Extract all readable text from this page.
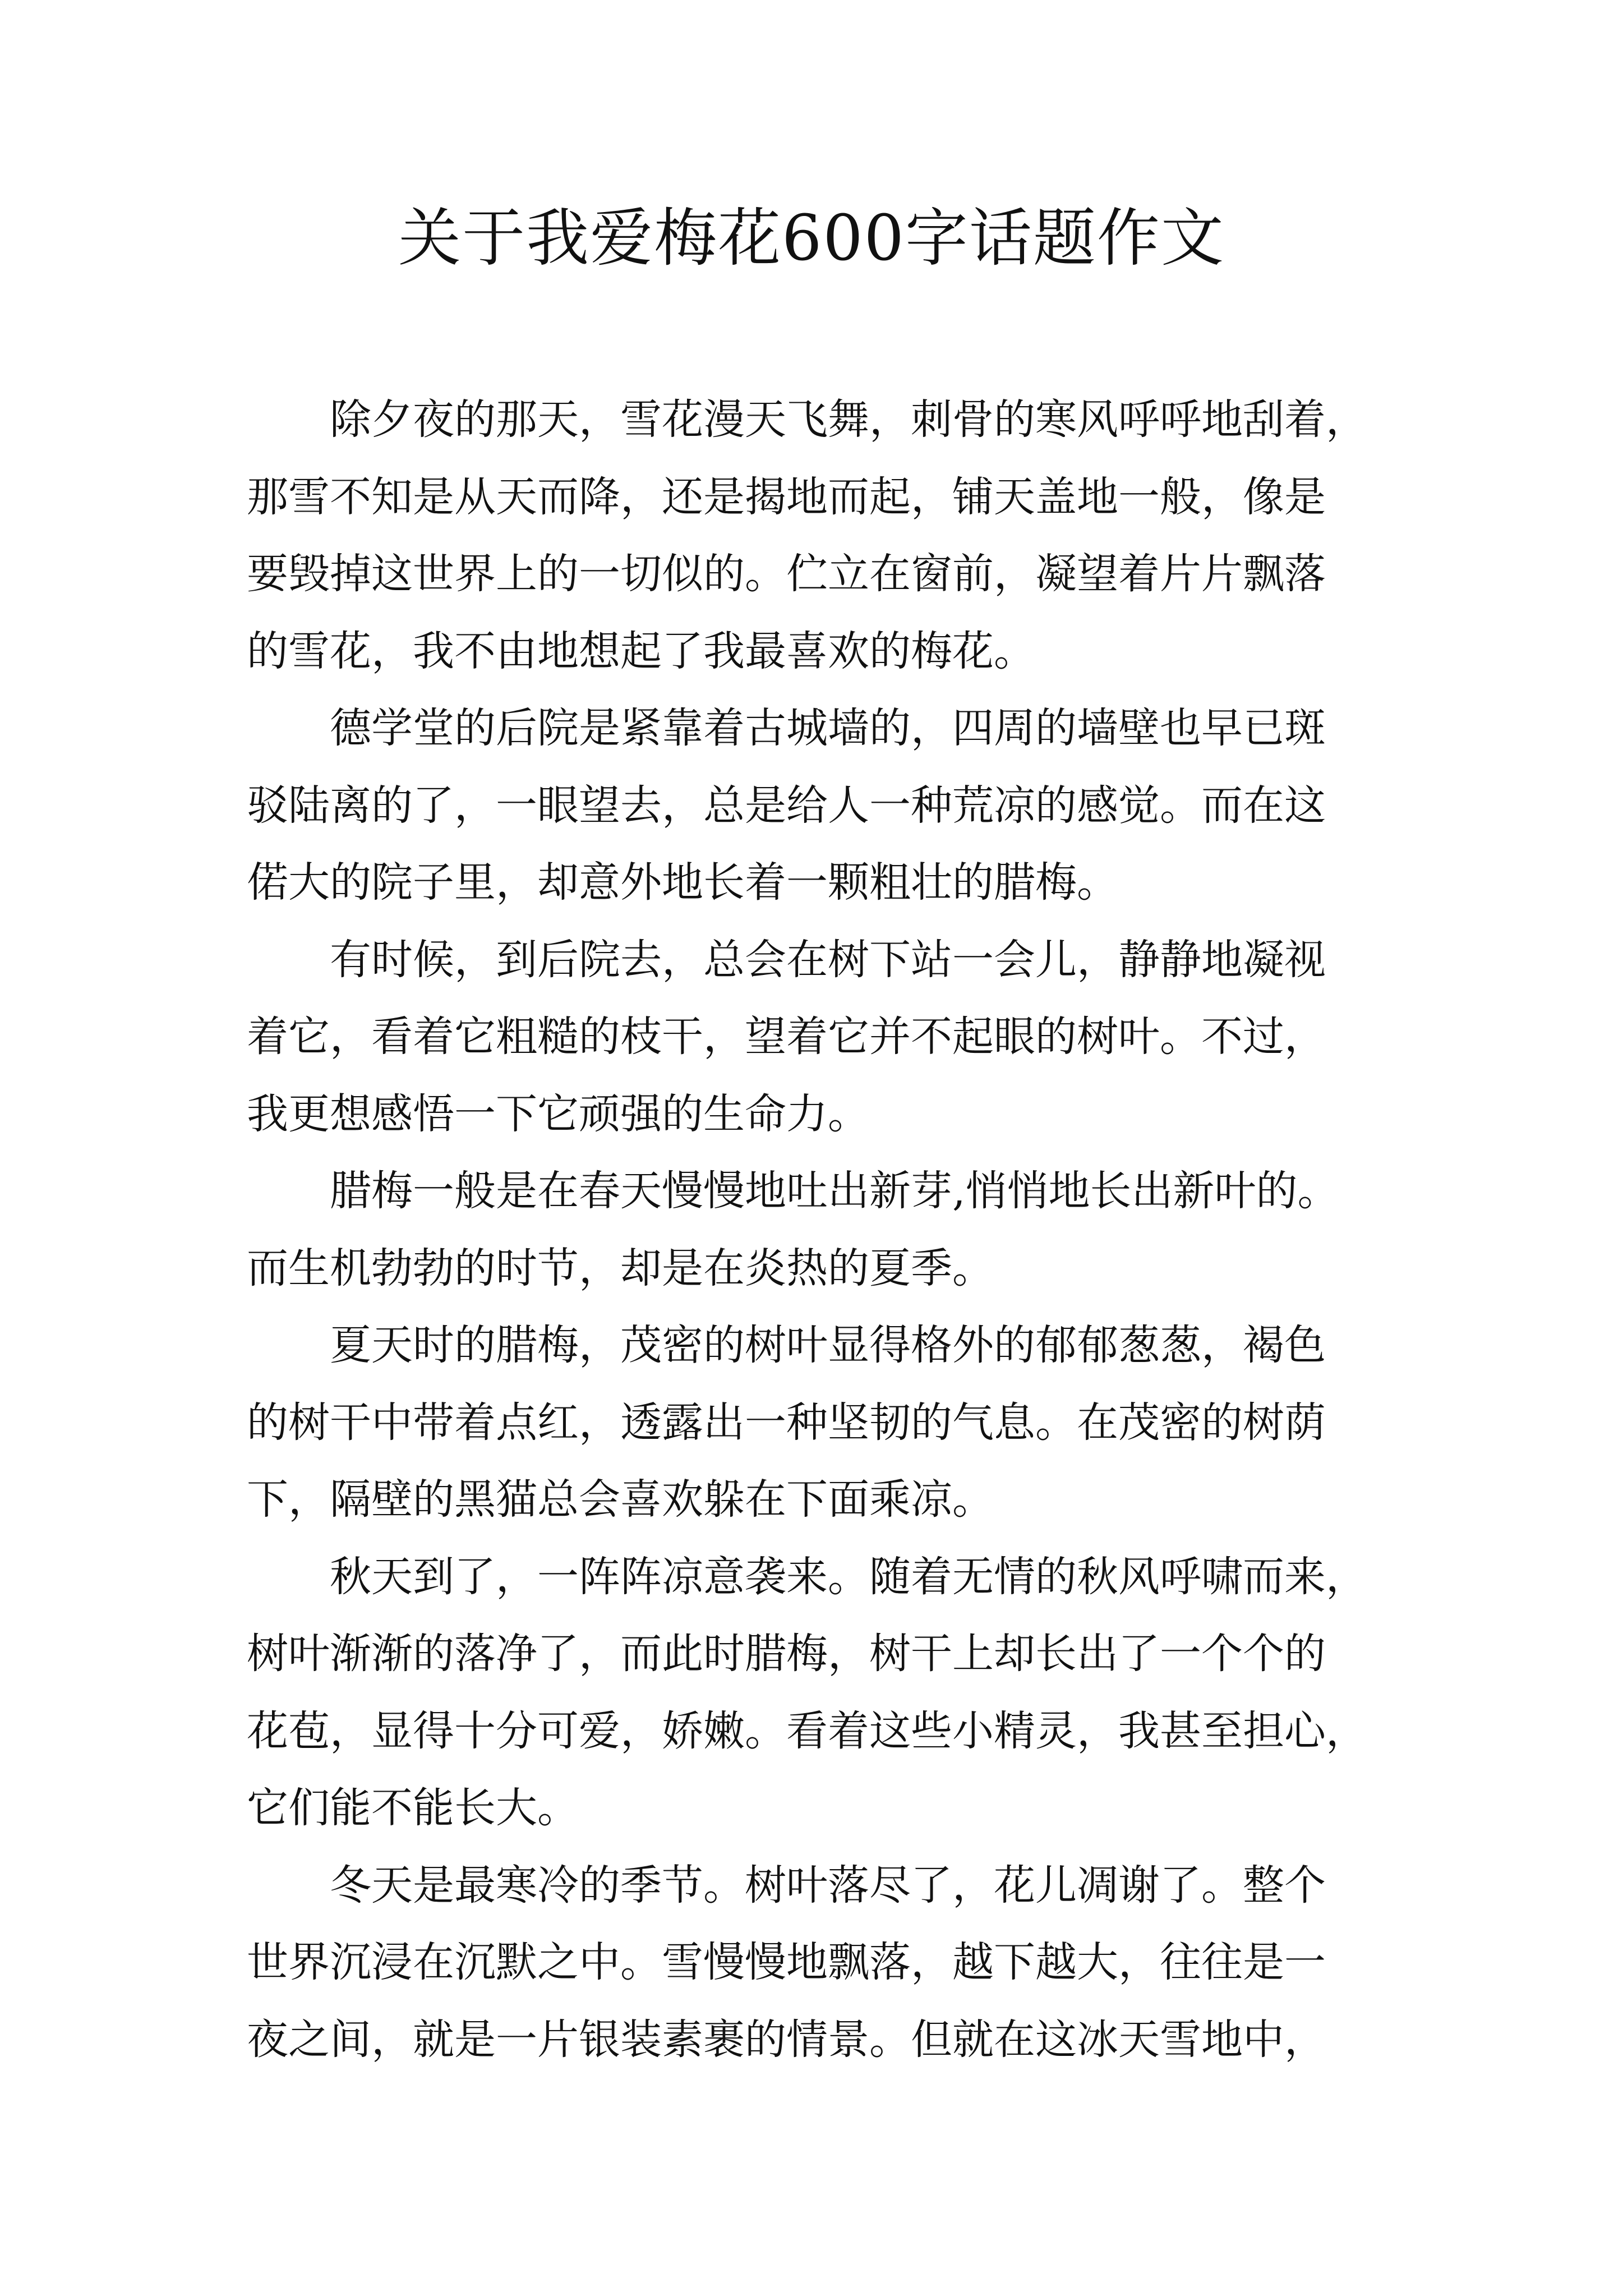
关于我爱梅花600字话题作文

　　除夕夜的那天，雪花漫天飞舞，刺骨的寒风呼呼地刮着，
那雪不知是从天而降，还是揭地而起，铺天盖地一般，像是
要毁掉这世界上的一切似的。伫立在窗前，凝望着片片飘落
的雪花，我不由地想起了我最喜欢的梅花。

　　德学堂的后院是紧靠着古城墙的，四周的墙壁也早已斑
驳陆离的了，一眼望去，总是给人一种荒凉的感觉。而在这
偌大的院子里，却意外地长着一颗粗壮的腊梅。

　　有时候，到后院去，总会在树下站一会儿，静静地凝视
着它，看着它粗糙的枝干，望着它并不起眼的树叶。不过，
我更想感悟一下它顽强的生命力。

　　腊梅一般是在春天慢慢地吐出新芽,悄悄地长出新叶的。
而生机勃勃的时节，却是在炎热的夏季。

　　夏天时的腊梅，茂密的树叶显得格外的郁郁葱葱，褐色
的树干中带着点红，透露出一种坚韧的气息。在茂密的树荫
下，隔壁的黑猫总会喜欢躲在下面乘凉。

　　秋天到了，一阵阵凉意袭来。随着无情的秋风呼啸而来，
树叶渐渐的落净了，而此时腊梅，树干上却长出了一个个的
花苞，显得十分可爱，娇嫩。看着这些小精灵，我甚至担心，
它们能不能长大。

　　冬天是最寒冷的季节。树叶落尽了，花儿凋谢了。整个
世界沉浸在沉默之中。雪慢慢地飘落，越下越大，往往是一
夜之间，就是一片银装素裹的情景。但就在这冰天雪地中，
